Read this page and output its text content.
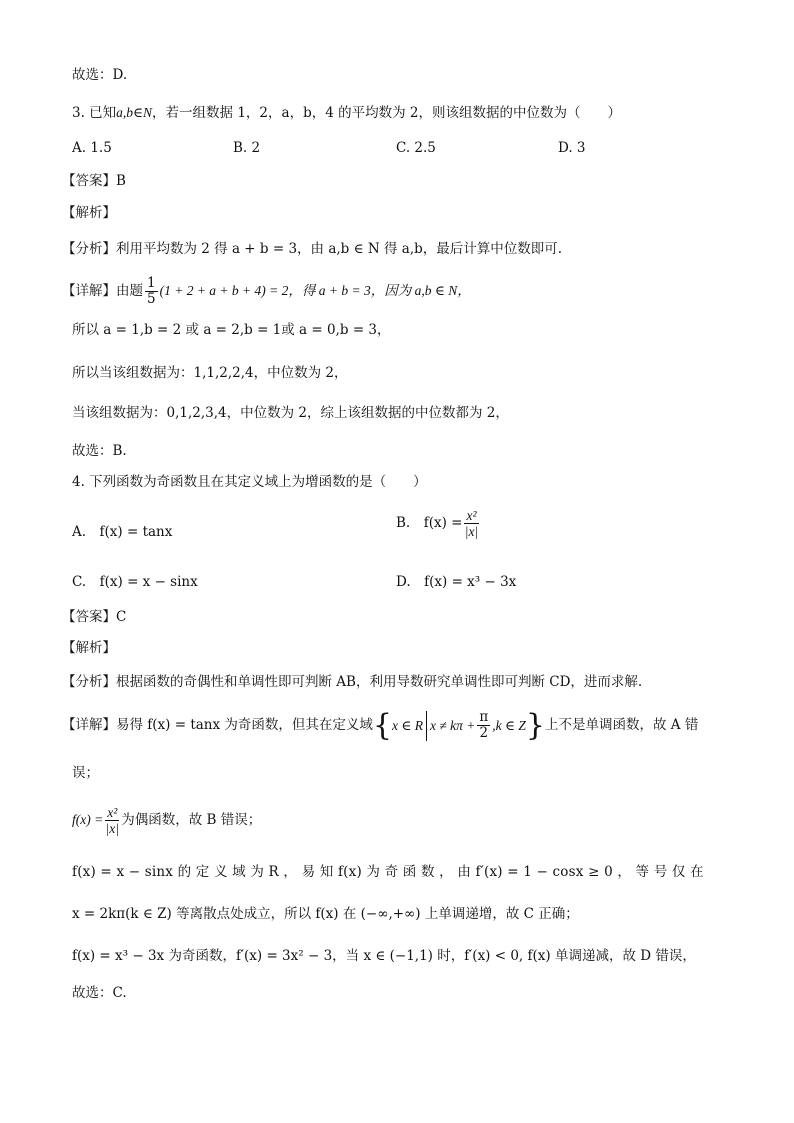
故选：D.
3. 已知a,b∈N，若一组数据 1，2，a，b，4 的平均数为 2，则该组数据的中位数为（　　）
A. 1.5	B. 2	C. 2.5	D. 3
【答案】B
【解析】
【分析】利用平均数为 2 得 a + b = 3，由 a,b ∈ N 得 a,b，最后计算中位数即可.
【详解】由题 $\frac{1}{5} (1 + 2 + a + b + 4) = 2$，得 a + b = 3，因为 a,b ∈ N，
所以 a = 1,b = 2 或 a = 2,b = 1或 a = 0,b = 3，
所以当该组数据为：1,1,2,2,4，中位数为 2，
当该组数据为：0,1,2,3,4，中位数为 2，综上该组数据的中位数都为 2，
故选：B.
4. 下列函数为奇函数且在其定义域上为增函数的是（　　）
A.　f(x) = tanx
B.　$f(x) = \frac{\text{x²}}{|x|}$
C.　f(x) = x − sinx	D.　f(x) = x³ − 3x
【答案】C
【解析】
【分析】根据函数的奇偶性和单调性即可判断 AB，利用导数研究单调性即可判断 CD，进而求解.
【详解】易得 f(x) = tanx 为奇函数，但其在定义域 { x ∈ R $x \ne k\pi + \frac{\pi}{2} ,k$ ∈ Z } 上不是单调函数，故 A 错
误；
$f(x) = \frac{\text{x²}}{|x|}$ 为偶函数，故 B 错误；
f(x) = x − sinx 的 定 义 域 为 R ， 易 知 f(x) 为 奇 函 数 ， 由 f′(x) = 1 − cosx ≥ 0 ， 等 号 仅 在
x = 2kπ(k ∈ Z) 等离散点处成立，所以 f(x) 在 (−∞,+∞) 上单调递增，故 C 正确；
f(x) = x³ − 3x 为奇函数，f′(x) = 3x² − 3，当 x ∈ (−1,1) 时，f′(x) < 0, f(x) 单调递减，故 D 错误，
故选：C.
